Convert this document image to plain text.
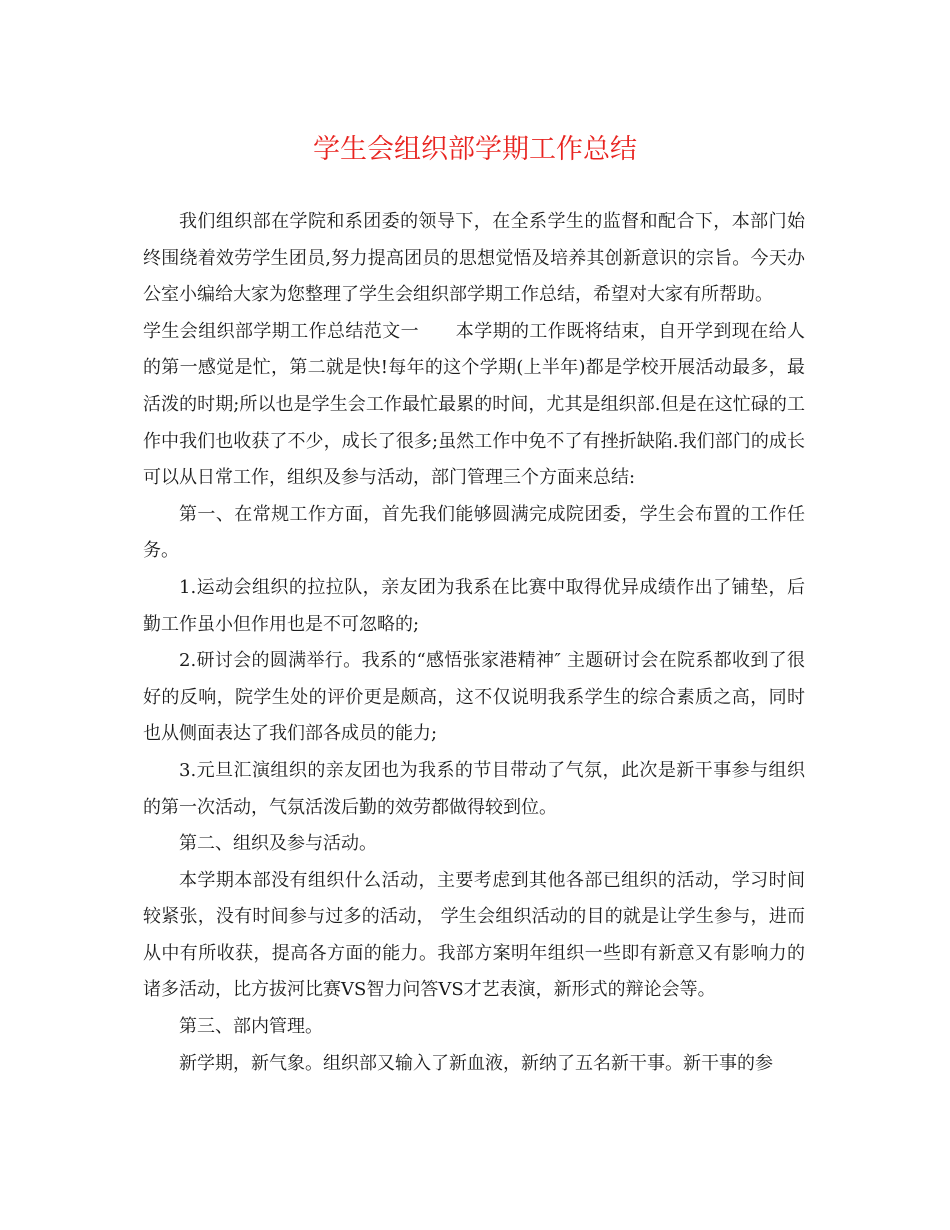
学生会组织部学期工作总结

我们组织部在学院和系团委的领导下，在全系学生的监督和配合下，本部门始终围绕着效劳学生团员,努力提高团员的思想觉悟及培养其创新意识的宗旨。今天办公室小编给大家为您整理了学生会组织部学期工作总结，希望对大家有所帮助。

学生会组织部学期工作总结范文一　　本学期的工作既将结束，自开学到现在给人的第一感觉是忙，第二就是快!每年的这个学期(上半年)都是学校开展活动最多，最活泼的时期;所以也是学生会工作最忙最累的时间，尤其是组织部.但是在这忙碌的工作中我们也收获了不少，成长了很多;虽然工作中免不了有挫折缺陷.我们部门的成长可以从日常工作，组织及参与活动，部门管理三个方面来总结:

第一、在常规工作方面，首先我们能够圆满完成院团委，学生会布置的工作任务。

1.运动会组织的拉拉队，亲友团为我系在比赛中取得优异成绩作出了铺垫，后勤工作虽小但作用也是不可忽略的;

2.研讨会的圆满举行。我系的“感悟张家港精神″ 主题研讨会在院系都收到了很好的反响，院学生处的评价更是颇高，这不仅说明我系学生的综合素质之高，同时也从侧面表达了我们部各成员的能力;

3.元旦汇演组织的亲友团也为我系的节目带动了气氛，此次是新干事参与组织的第一次活动，气氛活泼后勤的效劳都做得较到位。

第二、组织及参与活动。

本学期本部没有组织什么活动，主要考虑到其他各部已组织的活动，学习时间较紧张，没有时间参与过多的活动， 学生会组织活动的目的就是让学生参与，进而从中有所收获，提高各方面的能力。我部方案明年组织一些即有新意又有影响力的诸多活动，比方拔河比赛VS智力问答VS才艺表演，新形式的辩论会等。

第三、部内管理。

新学期，新气象。组织部又输入了新血液，新纳了五名新干事。新干事的参
